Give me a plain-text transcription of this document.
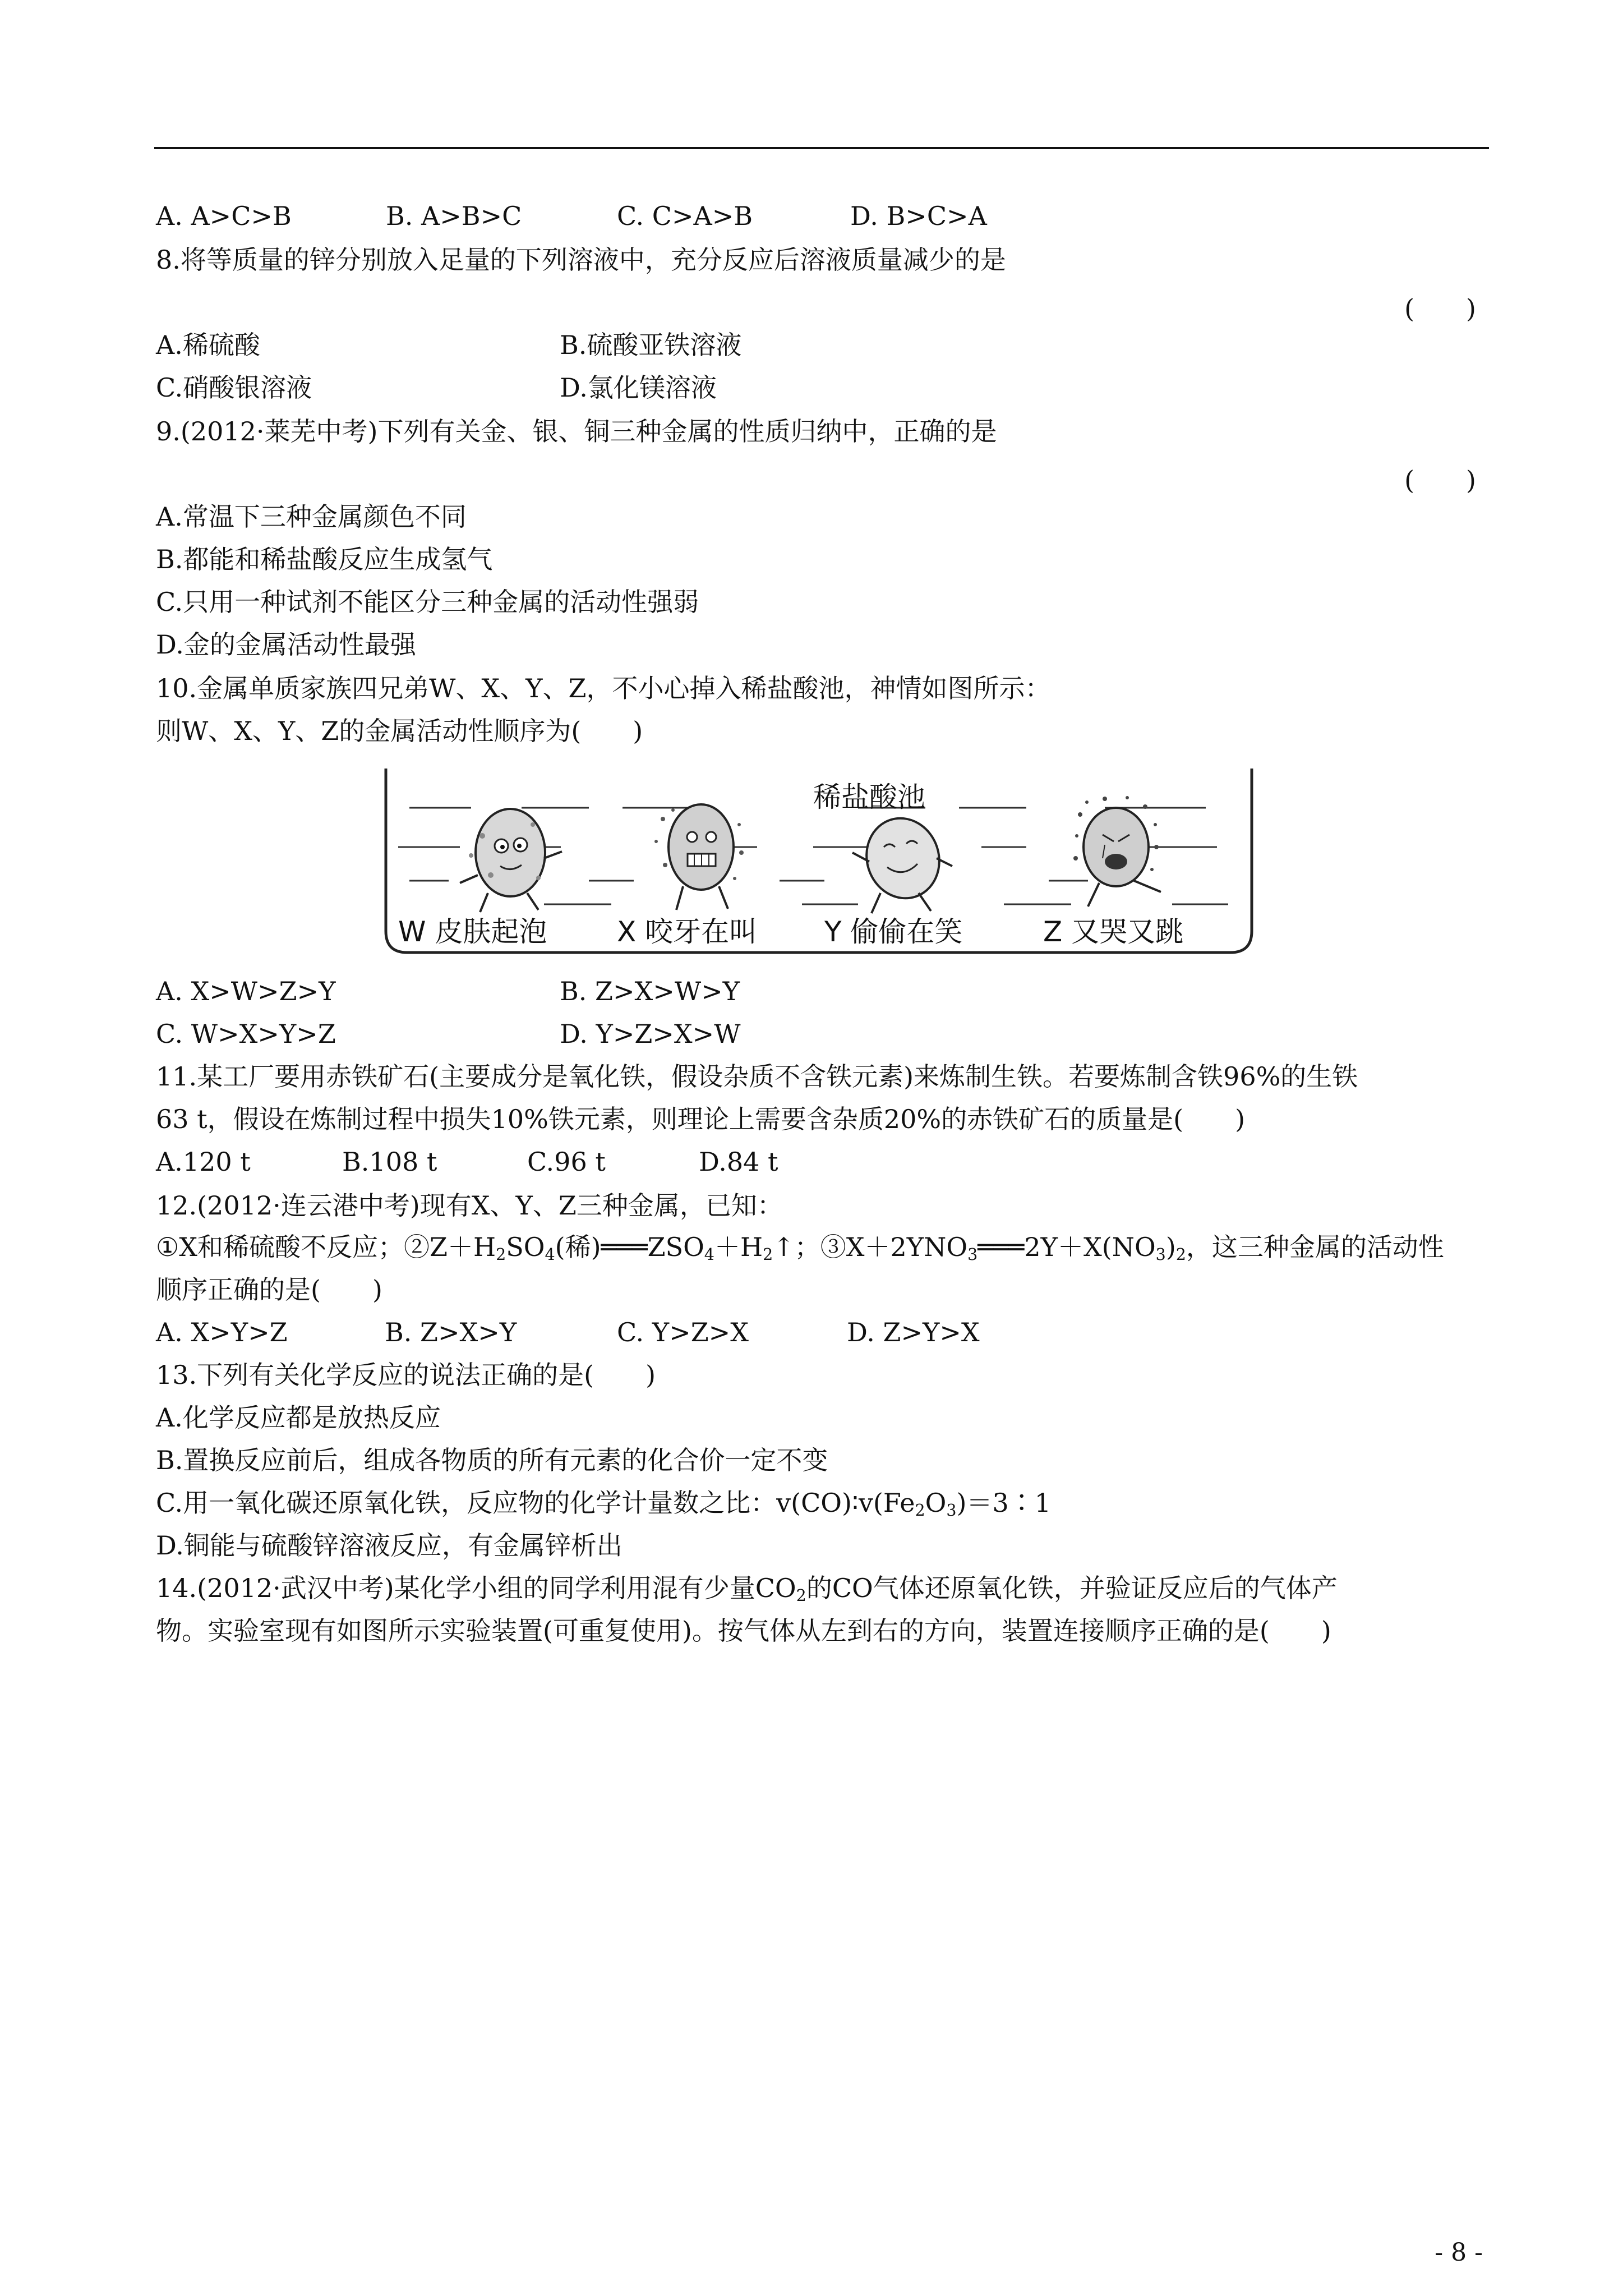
A. A>C>B	B. A>B>C	C. C>A>B	D. B>C>A
8.将等质量的锌分别放入足量的下列溶液中，充分反应后溶液质量减少的是
(　　)
A.稀硫酸	B.硫酸亚铁溶液
C.硝酸银溶液	D.氯化镁溶液
9.(2012·莱芜中考)下列有关金、银、铜三种金属的性质归纳中，正确的是
(　　)
A.常温下三种金属颜色不同
B.都能和稀盐酸反应生成氢气
C.只用一种试剂不能区分三种金属的活动性强弱
D.金的金属活动性最强
10.金属单质家族四兄弟W、X、Y、Z，不小心掉入稀盐酸池，神情如图所示：
则W、X、Y、Z的金属活动性顺序为(　　)
稀盐酸池
W 皮肤起泡 X 咬牙在叫 Y 偷偷在笑	Z 又哭又跳
A. X>W>Z>Y	B. Z>X>W>Y
C. W>X>Y>Z	D. Y>Z>X>W
11.某工厂要用赤铁矿石(主要成分是氧化铁，假设杂质不含铁元素)来炼制生铁。若要炼制含铁96%的生铁
63 t，假设在炼制过程中损失10%铁元素，则理论上需要含杂质20%的赤铁矿石的质量是(　　)
A.120 t	B.108 t	C.96 t	D.84 t
12.(2012·连云港中考)现有X、Y、Z三种金属，已知：
①X和稀硫酸不反应；$②Z+H_2SO_4$(稀)$═══ZSO_4+H_2↑$；$③X+2YNO_3═══2Y+X(NO_3)_2$，这三种金属的活动性
顺序正确的是(　　)
A. X>Y>Z	B. Z>X>Y	C. Y>Z>X	D. Z>Y>X
13.下列有关化学反应的说法正确的是(　　)
A.化学反应都是放热反应
B.置换反应前后，组成各物质的所有元素的化合价一定不变
C.用一氧化碳还原氧化铁，反应物的化学计量数之比：$v(CO)∶v(Fe_2O_3)=3∶1$
D.铜能与硫酸锌溶液反应，有金属锌析出
14.(2012·武汉中考)某化学小组的同学利用混有少量$CO_2$的CO气体还原氧化铁，并验证反应后的气体产
物。实验室现有如图所示实验装置(可重复使用)。按气体从左到右的方向，装置连接顺序正确的是(　　)
- 8 -
